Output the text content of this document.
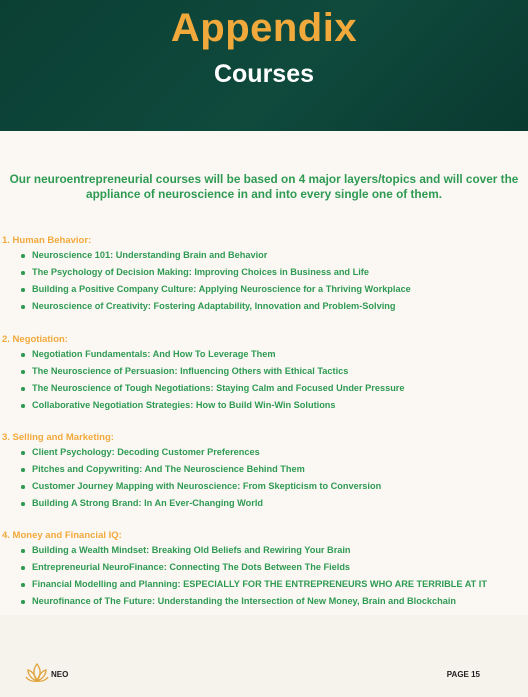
Appendix
Courses
Our neuroentrepreneurial courses will be based on 4 major layers/topics and will cover the appliance of neuroscience in and into every single one of them.
1. Human Behavior:
Neuroscience 101: Understanding Brain and Behavior
The Psychology of Decision Making: Improving Choices in Business and Life
Building a Positive Company Culture: Applying Neuroscience for a Thriving Workplace
Neuroscience of Creativity: Fostering Adaptability, Innovation and Problem-Solving
2. Negotiation:
Negotiation Fundamentals: And How To Leverage Them
The Neuroscience of Persuasion: Influencing Others with Ethical Tactics
The Neuroscience of Tough Negotiations: Staying Calm and Focused Under Pressure
Collaborative Negotiation Strategies: How to Build Win-Win Solutions
3. Selling and Marketing:
Client Psychology: Decoding Customer Preferences
Pitches and Copywriting: And The Neuroscience Behind Them
Customer Journey Mapping with Neuroscience: From Skepticism to Conversion
Building A Strong Brand: In An Ever-Changing World
4. Money and Financial IQ:
Building a Wealth Mindset: Breaking Old Beliefs and Rewiring Your Brain
Entrepreneurial NeuroFinance: Connecting The Dots Between The Fields
Financial Modelling and Planning: ESPECIALLY FOR THE ENTREPRENEURS WHO ARE TERRIBLE AT IT
Neurofinance of The Future: Understanding the Intersection of New Money, Brain and Blockchain
NEO	PAGE 15
